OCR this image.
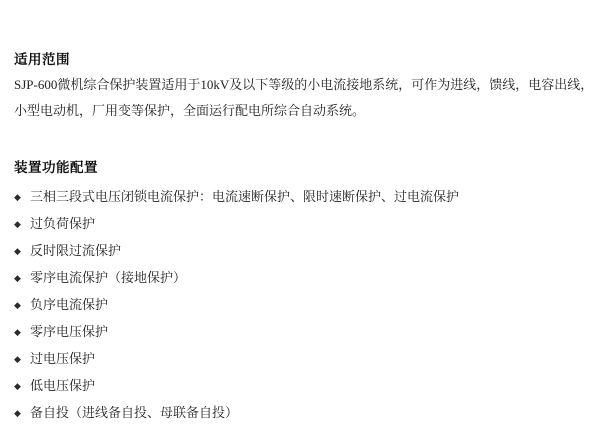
适用范围
SJP-600微机综合保护装置适用于10kV及以下等级的小电流接地系统，可作为进线，馈线，电容出线，
小型电动机，厂用变等保护，全面运行配电所综合自动系统。
装置功能配置
◆ 三相三段式电压闭锁电流保护：电流速断保护、限时速断保护、过电流保护
◆ 过负荷保护
◆ 反时限过流保护
◆ 零序电流保护（接地保护）
◆ 负序电流保护
◆ 零序电压保护
◆ 过电压保护
◆ 低电压保护
◆ 备自投（进线备自投、母联备自投）
